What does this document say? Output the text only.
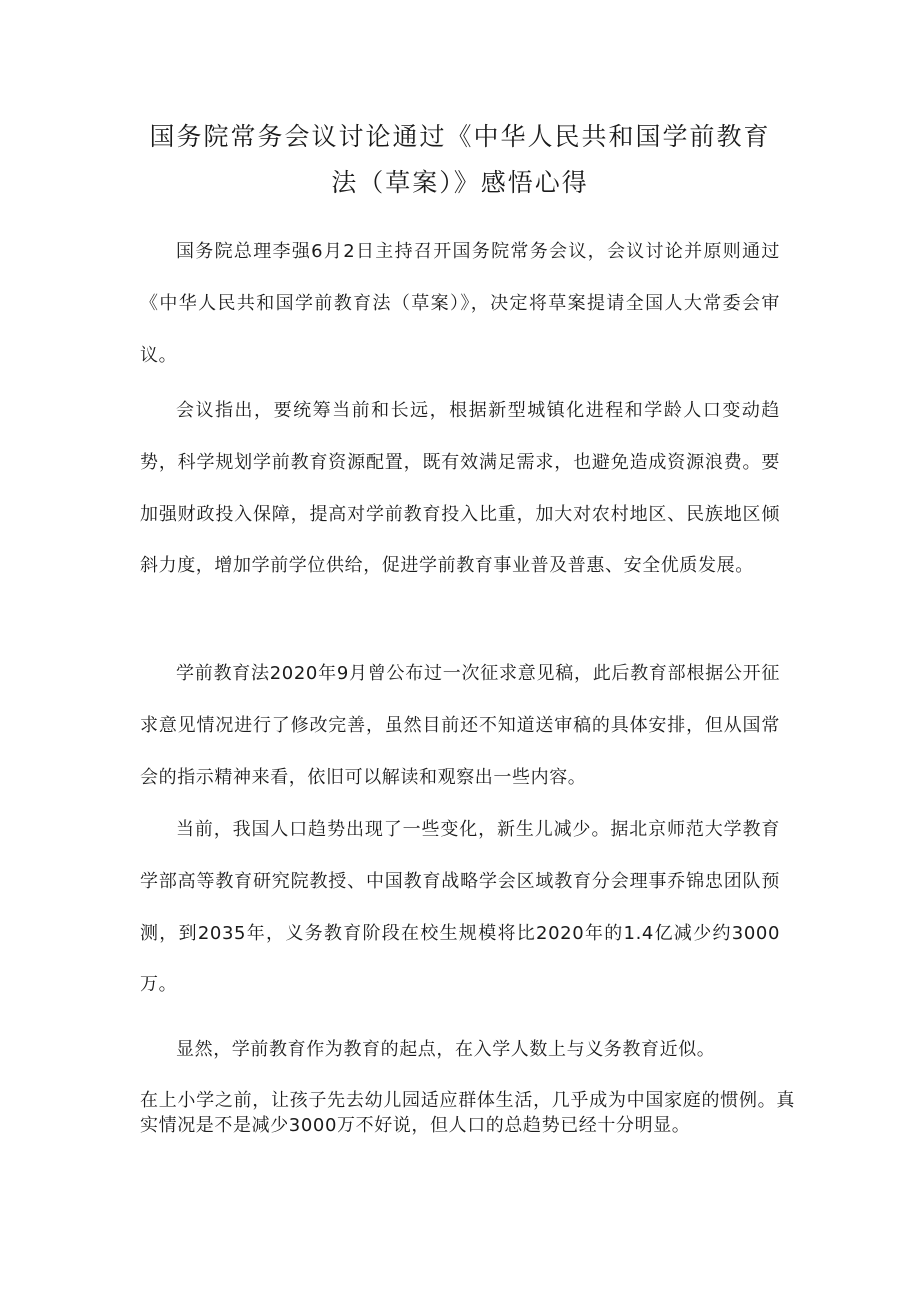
国务院常务会议讨论通过《中华人民共和国学前教育法（草案）》感悟心得

国务院总理李强6月2日主持召开国务院常务会议，会议讨论并原则通过《中华人民共和国学前教育法（草案）》，决定将草案提请全国人大常委会审议。

会议指出，要统筹当前和长远，根据新型城镇化进程和学龄人口变动趋势，科学规划学前教育资源配置，既有效满足需求，也避免造成资源浪费。要加强财政投入保障，提高对学前教育投入比重，加大对农村地区、民族地区倾斜力度，增加学前学位供给，促进学前教育事业普及普惠、安全优质发展。

学前教育法2020年9月曾公布过一次征求意见稿，此后教育部根据公开征求意见情况进行了修改完善，虽然目前还不知道送审稿的具体安排，但从国常会的指示精神来看，依旧可以解读和观察出一些内容。

当前，我国人口趋势出现了一些变化，新生儿减少。据北京师范大学教育学部高等教育研究院教授、中国教育战略学会区域教育分会理事乔锦忠团队预测，到2035年，义务教育阶段在校生规模将比2020年的1.4亿减少约3000万。

显然，学前教育作为教育的起点，在入学人数上与义务教育近似。

在上小学之前，让孩子先去幼儿园适应群体生活，几乎成为中国家庭的惯例。真实情况是不是减少3000万不好说，但人口的总趋势已经十分明显。
